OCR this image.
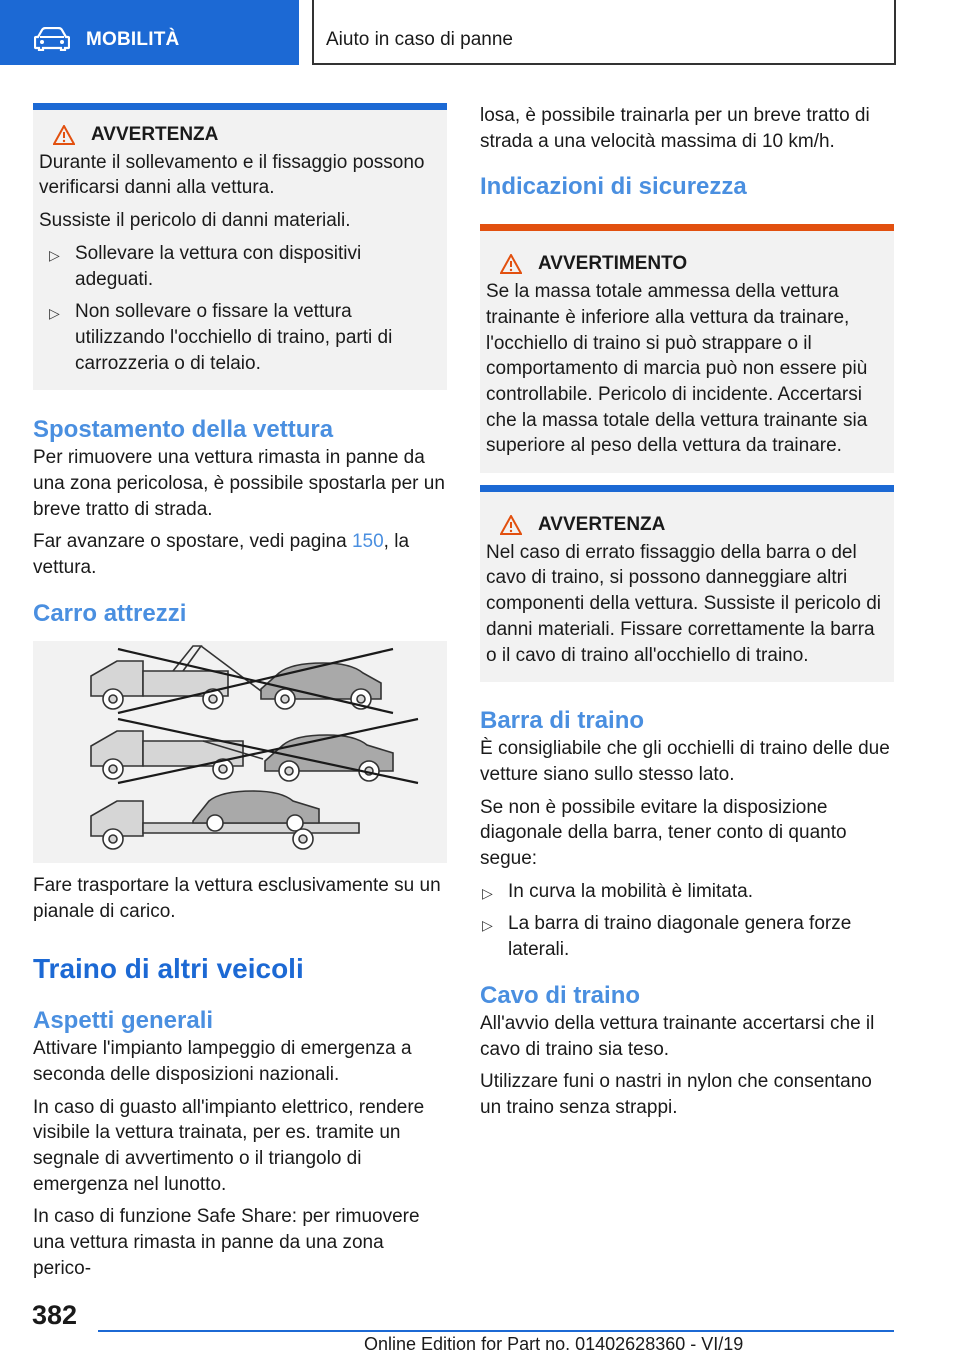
MOBILITÀ	Aiuto in caso di panne
AVVERTENZA

Durante il sollevamento e il fissaggio possono verificarsi danni alla vettura.

Sussiste il pericolo di danni materiali.

▷ Sollevare la vettura con dispositivi adeguati.
▷ Non sollevare o fissare la vettura utilizzando l'occhiello di traino, parti di carrozzeria o di telaio.
Spostamento della vettura

Per rimuovere una vettura rimasta in panne da una zona pericolosa, è possibile spostarla per un breve tratto di strada.

Far avanzare o spostare, vedi pagina 150, la vettura.

Carro attrezzi

Fare trasportare la vettura esclusivamente su un pianale di carico.

Traino di altri veicoli
Aspetti generali

Attivare l'impianto lampeggio di emergenza a seconda delle disposizioni nazionali.

In caso di guasto all'impianto elettrico, rendere visibile la vettura trainata, per es. tramite un segnale di avvertimento o il triangolo di emergenza nel lunotto.

In caso di funzione Safe Share: per rimuovere una vettura rimasta in panne da una zona perico-

losa, è possibile trainarla per un breve tratto di strada a una velocità massima di 10 km/h.

Indicazioni di sicurezza
AVVERTIMENTO

Se la massa totale ammessa della vettura trainante è inferiore alla vettura da trainare, l'occhiello di traino si può strappare o il comportamento di marcia può non essere più controllabile. Pericolo di incidente. Accertarsi che la massa totale della vettura trainante sia superiore al peso della vettura da trainare.

AVVERTENZA

Nel caso di errato fissaggio della barra o del cavo di traino, si possono danneggiare altri componenti della vettura. Sussiste il pericolo di danni materiali. Fissare correttamente la barra o il cavo di traino all'occhiello di traino.

Barra di traino

È consigliabile che gli occhielli di traino delle due vetture siano sullo stesso lato.

Se non è possibile evitare la disposizione diagonale della barra, tener conto di quanto segue:

▷ In curva la mobilità è limitata.
▷ La barra di traino diagonale genera forze laterali.
Cavo di traino

All'avvio della vettura trainante accertarsi che il cavo di traino sia teso.

Utilizzare funi o nastri in nylon che consentano un traino senza strappi.

382
Online Edition for Part no. 01402628360 - VI/19
